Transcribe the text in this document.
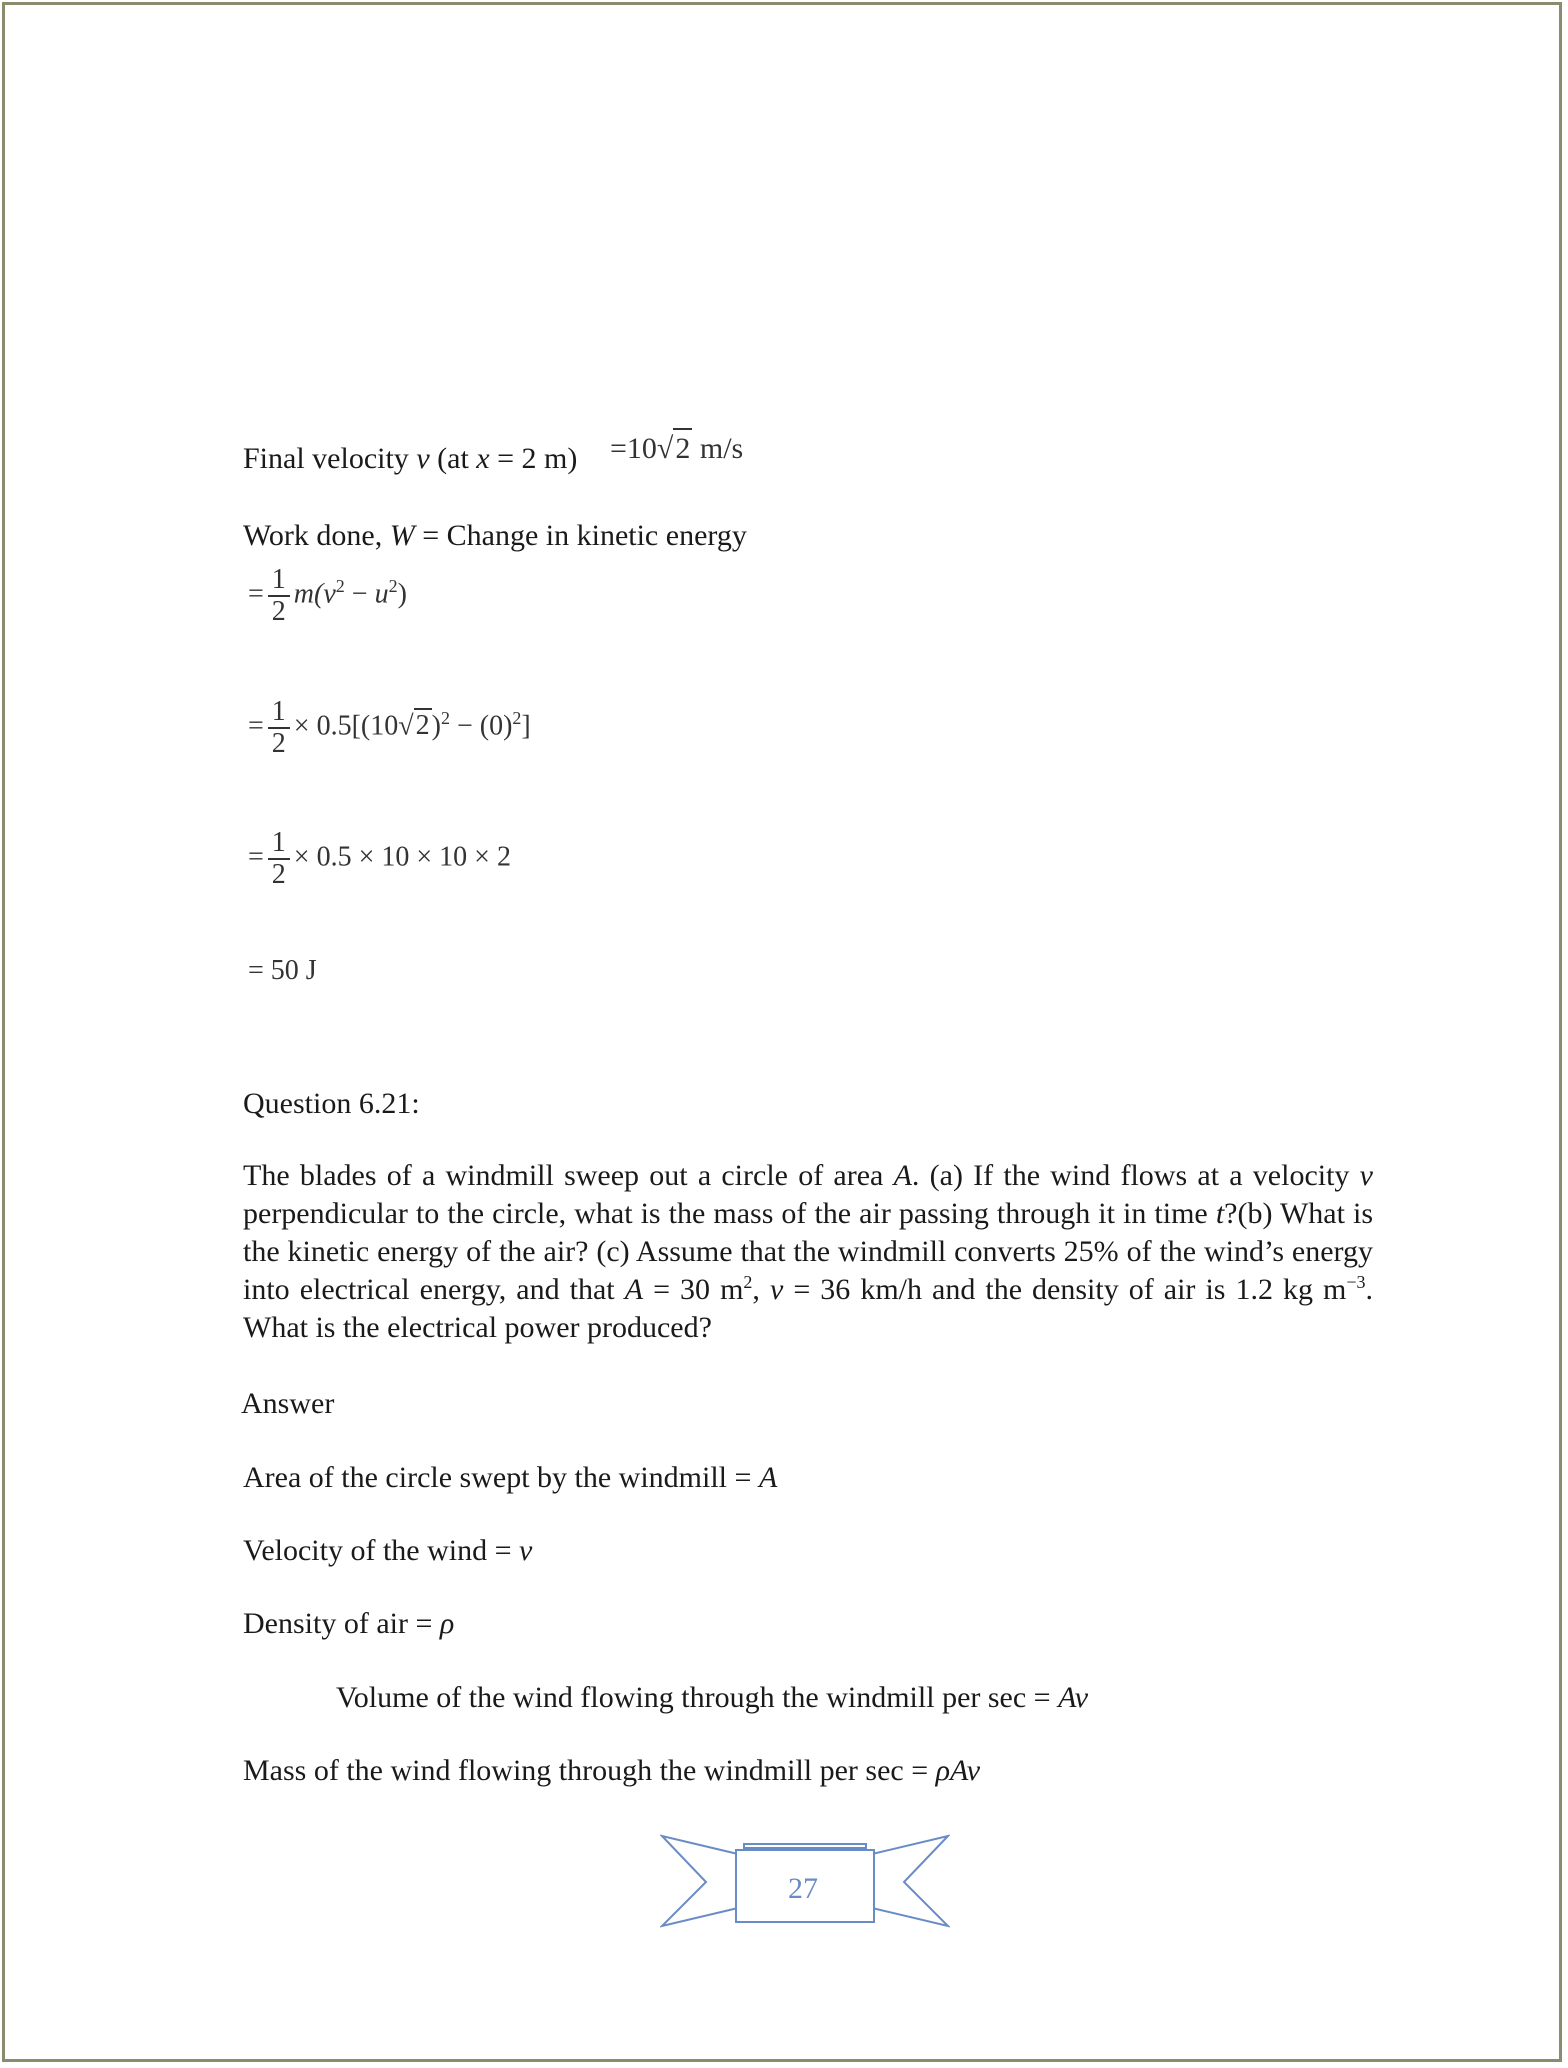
Final velocity v (at x = 2 m) =10√2 m/s
Work done, W = Change in kinetic energy
= $\frac{1}{2} m(v^2 - u^2)$
= $\frac{1}{2} \times 0.5[(10√2)^2 - (0)^2]$
= $\frac{1}{2} \times 0.5 \times 10 \times 10 \times 2$
= 50 J
Question 6.21:
The blades of a windmill sweep out a circle of area A. (a) If the wind flows at a velocity v perpendicular to the circle, what is the mass of the air passing through it in time t?(b) What is the kinetic energy of the air? (c) Assume that the windmill converts 25% of the wind’s energy into electrical energy, and that A = 30 $m^2$, v = 36 km/h and the density of air is 1.2 kg $m^{-3}$. What is the electrical power produced?
Answer
Area of the circle swept by the windmill = A
Velocity of the wind = v
Density of air = ρ
Volume of the wind flowing through the windmill per sec = Av
Mass of the wind flowing through the windmill per sec = ρAv
27
